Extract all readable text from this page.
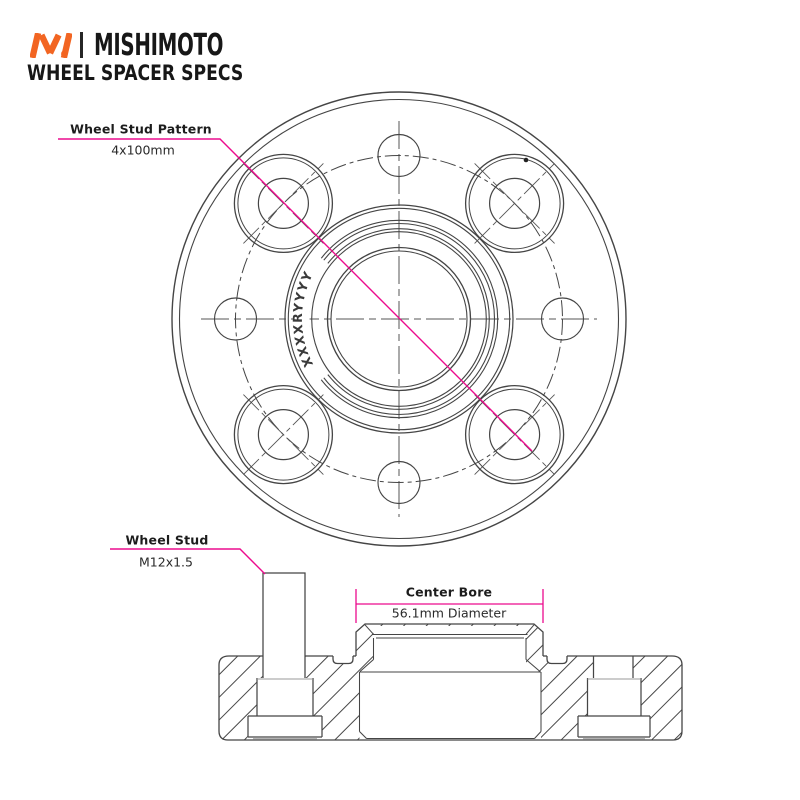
® MISHIMOTO
WHEEL SPACER SPECS
XXXXRYYYY
Wheel Stud Pattern
4x100mm
Wheel Stud
M12x1.5
Center Bore
56.1mm Diameter
